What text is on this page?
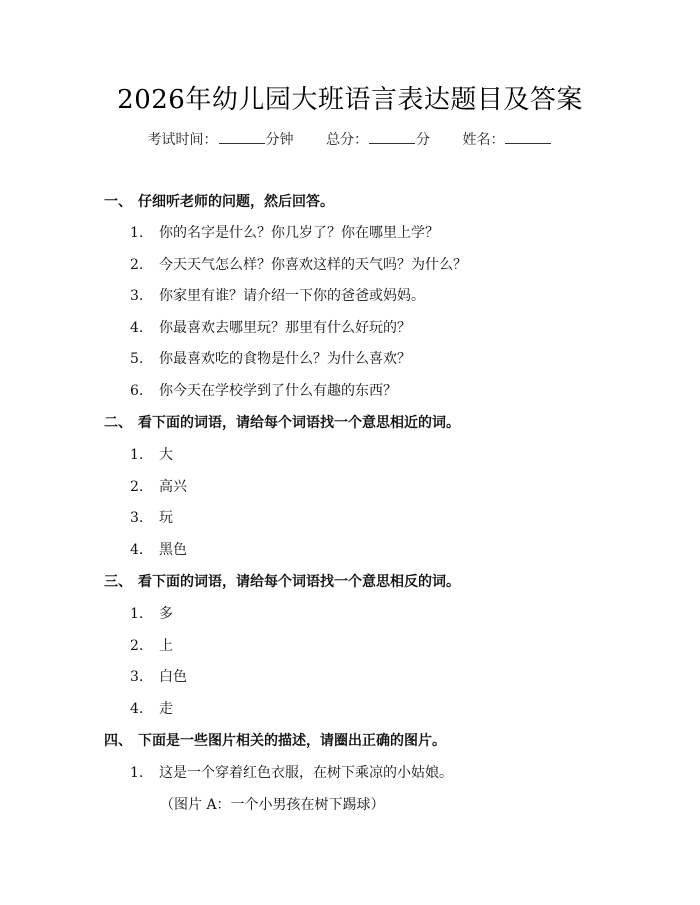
2026年幼儿园大班语言表达题目及答案
考试时间：	分钟 总分：	分 姓名：
一、 仔细听老师的问题，然后回答。
1. 你的名字是什么？你几岁了？你在哪里上学？
2. 今天天气怎么样？你喜欢这样的天气吗？为什么？
3. 你家里有谁？请介绍一下你的爸爸或妈妈。
4. 你最喜欢去哪里玩？那里有什么好玩的？
5. 你最喜欢吃的食物是什么？为什么喜欢？
6. 你今天在学校学到了什么有趣的东西？
二、 看下面的词语，请给每个词语找一个意思相近的词。
1. 大
2. 高兴
3. 玩
4. 黑色
三、 看下面的词语，请给每个词语找一个意思相反的词。
1. 多
2. 上
3. 白色
4. 走
四、 下面是一些图片相关的描述，请圈出正确的图片。
1. 这是一个穿着红色衣服，在树下乘凉的小姑娘。
（图片 A：一个小男孩在树下踢球）
